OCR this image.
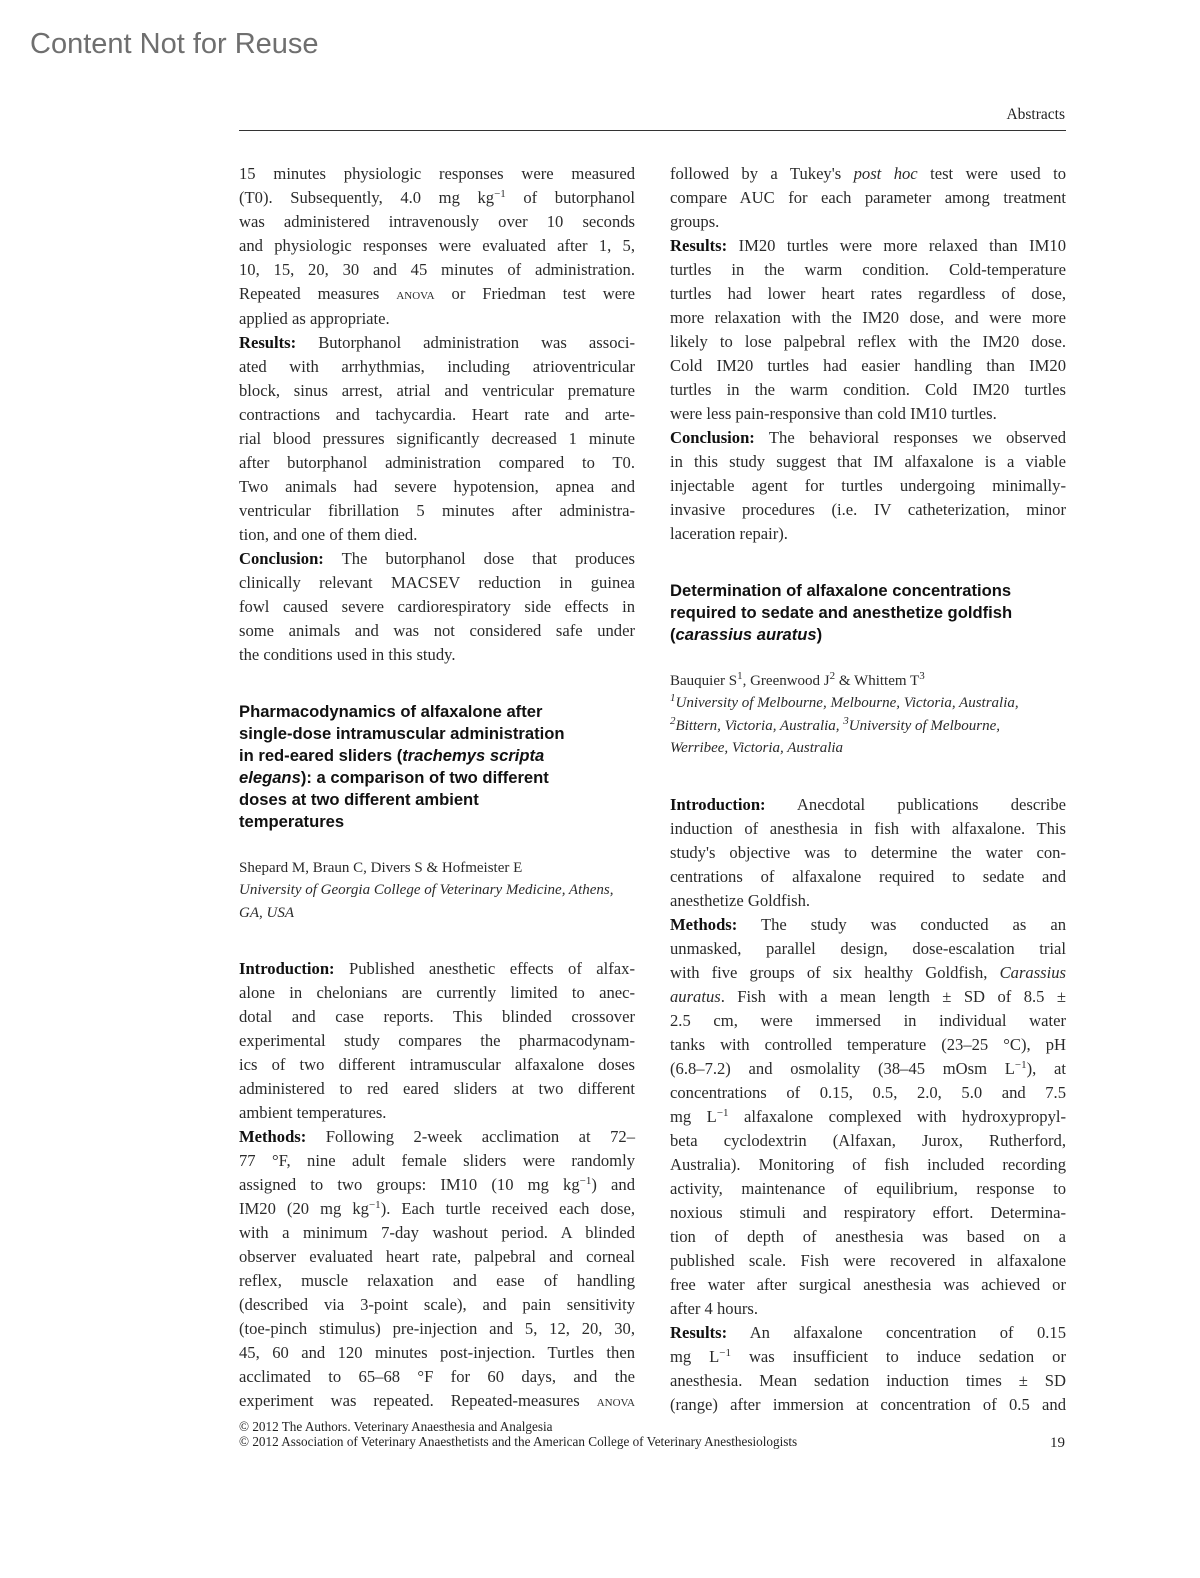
Content Not for Reuse
Abstracts
15 minutes physiologic responses were measured
(T0). Subsequently, 4.0 mg $kg^{-1}$ of butorphanol
was administered intravenously over 10 seconds
and physiologic responses were evaluated after 1, 5,
10, 15, 20, 30 and 45 minutes of administration.
Repeated measures anova or Friedman test were
applied as appropriate.
Results: Butorphanol administration was associ-
ated with arrhythmias, including atrioventricular
block, sinus arrest, atrial and ventricular premature
contractions and tachycardia. Heart rate and arte-
rial blood pressures significantly decreased 1 minute
after butorphanol administration compared to T0.
Two animals had severe hypotension, apnea and
ventricular fibrillation 5 minutes after administra-
tion, and one of them died.
Conclusion: The butorphanol dose that produces
clinically relevant MACSEV reduction in guinea
fowl caused severe cardiorespiratory side effects in
some animals and was not considered safe under
the conditions used in this study.
Pharmacodynamics of alfaxalone after
single-dose intramuscular administration
in red-eared sliders (trachemys scripta
elegans): a comparison of two different
doses at two different ambient
temperatures
Shepard M, Braun C, Divers S & Hofmeister E
University of Georgia College of Veterinary Medicine, Athens,
GA, USA
Introduction: Published anesthetic effects of alfax-
alone in chelonians are currently limited to anec-
dotal and case reports. This blinded crossover
experimental study compares the pharmacodynam-
ics of two different intramuscular alfaxalone doses
administered to red eared sliders at two different
ambient temperatures.
Methods: Following 2-week acclimation at 72–
77 °F, nine adult female sliders were randomly
assigned to two groups: IM10 (10 mg $kg^{-1}$) and
IM20 (20 mg $kg^{-1}$). Each turtle received each dose,
with a minimum 7-day washout period. A blinded
observer evaluated heart rate, palpebral and corneal
reflex, muscle relaxation and ease of handling
(described via 3-point scale), and pain sensitivity
(toe-pinch stimulus) pre-injection and 5, 12, 20, 30,
45, 60 and 120 minutes post-injection. Turtles then
acclimated to 65–68 °F for 60 days, and the
experiment was repeated. Repeated-measures anova
followed by a Tukey's post hoc test were used to
compare AUC for each parameter among treatment
groups.
Results: IM20 turtles were more relaxed than IM10
turtles in the warm condition. Cold-temperature
turtles had lower heart rates regardless of dose,
more relaxation with the IM20 dose, and were more
likely to lose palpebral reflex with the IM20 dose.
Cold IM20 turtles had easier handling than IM20
turtles in the warm condition. Cold IM20 turtles
were less pain-responsive than cold IM10 turtles.
Conclusion: The behavioral responses we observed
in this study suggest that IM alfaxalone is a viable
injectable agent for turtles undergoing minimally-
invasive procedures (i.e. IV catheterization, minor
laceration repair).
Determination of alfaxalone concentrations
required to sedate and anesthetize goldfish
(carassius auratus)
Bauquier $S^1$, Greenwood $J^2$ & Whittem $T^3$
$^1$University of Melbourne, Melbourne, Victoria, Australia,
$^2$Bittern, Victoria, Australia, $^3$University of Melbourne,
Werribee, Victoria, Australia
Introduction: Anecdotal publications describe
induction of anesthesia in fish with alfaxalone. This
study's objective was to determine the water con-
centrations of alfaxalone required to sedate and
anesthetize Goldfish.
Methods: The study was conducted as an
unmasked, parallel design, dose-escalation trial
with five groups of six healthy Goldfish, Carassius
auratus. Fish with a mean length ± SD of 8.5 ±
2.5 cm, were immersed in individual water
tanks with controlled temperature (23–25 °C), pH
(6.8–7.2) and osmolality (38–45 mOsm $L^{-1}$), at
concentrations of 0.15, 0.5, 2.0, 5.0 and 7.5
mg $L^{-1}$ alfaxalone complexed with hydroxypropyl-
beta cyclodextrin (Alfaxan, Jurox, Rutherford,
Australia). Monitoring of fish included recording
activity, maintenance of equilibrium, response to
noxious stimuli and respiratory effort. Determina-
tion of depth of anesthesia was based on a
published scale. Fish were recovered in alfaxalone
free water after surgical anesthesia was achieved or
after 4 hours.
Results: An alfaxalone concentration of 0.15
mg $L^{-1}$ was insufficient to induce sedation or
anesthesia. Mean sedation induction times ± SD
(range) after immersion at concentration of 0.5 and
© 2012 The Authors. Veterinary Anaesthesia and Analgesia
© 2012 Association of Veterinary Anaesthetists and the American College of Veterinary Anesthesiologists	19
